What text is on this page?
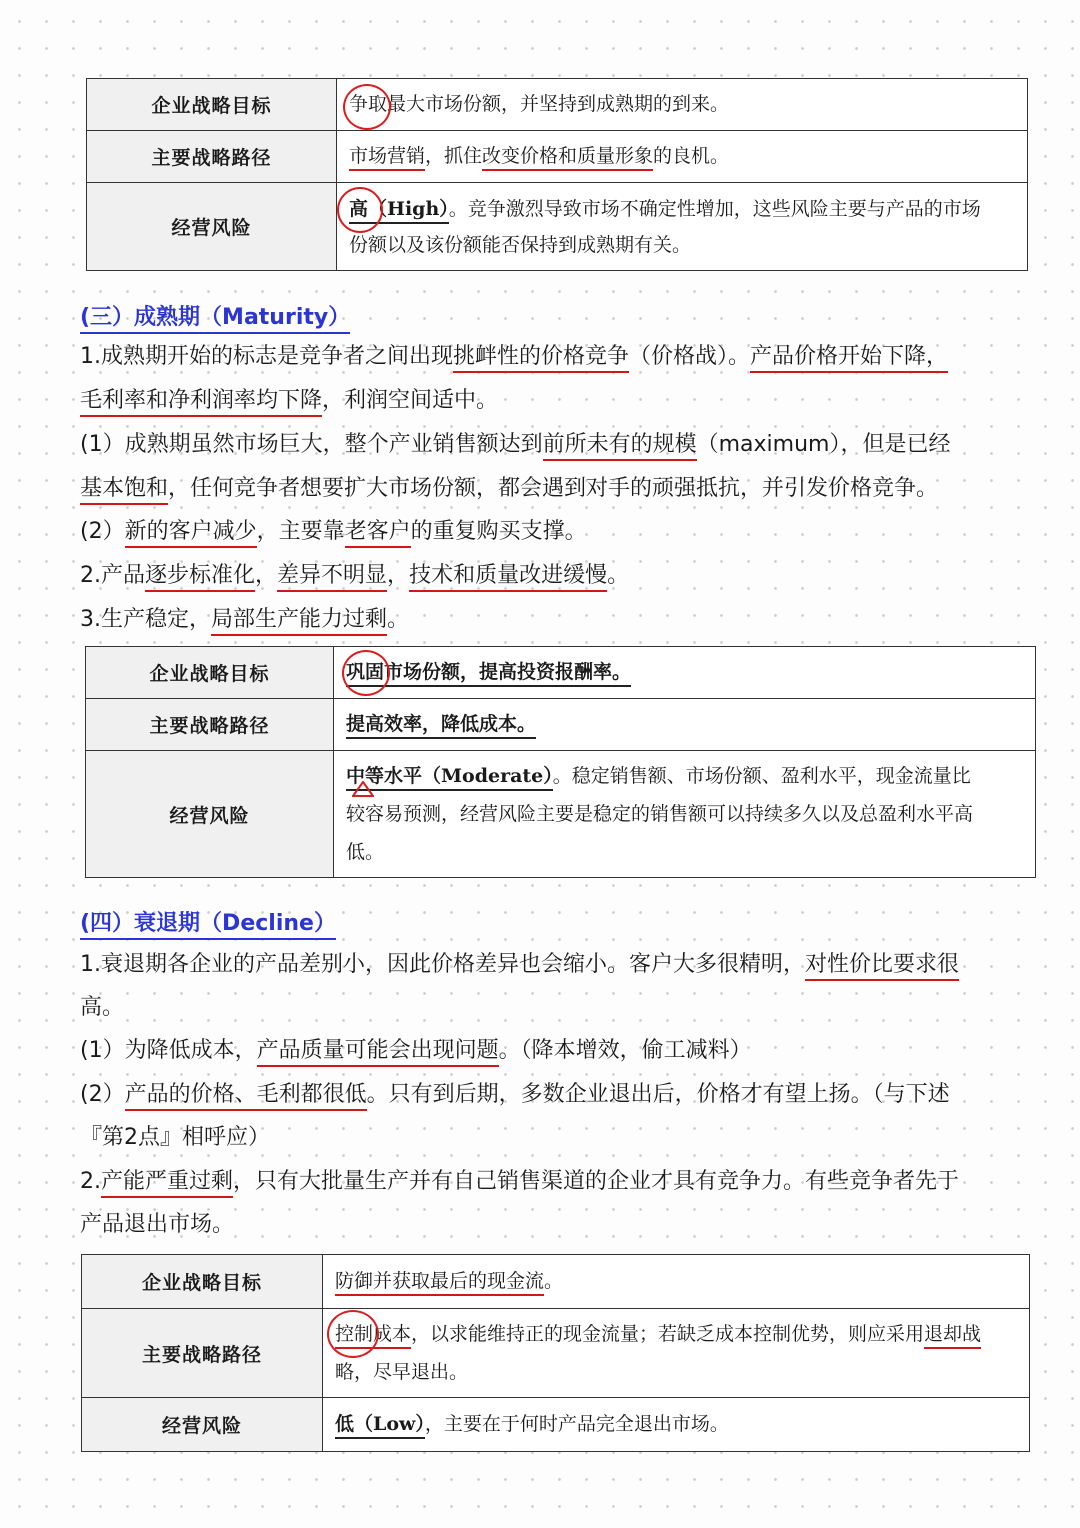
企业战略目标	争取最大市场份额，并坚持到成熟期的到来。
主要战略路径	市场营销，抓住改变价格和质量形象的良机。
经营风险	高（High）。竞争激烈导致市场不确定性增加，这些风险主要与产品的市场
份额以及该份额能否保持到成熟期有关。
(三）成熟期（Maturity）
1.成熟期开始的标志是竞争者之间出现挑衅性的价格竞争（价格战）。产品价格开始下降，
毛利率和净利润率均下降，利润空间适中。
(1）成熟期虽然市场巨大，整个产业销售额达到前所未有的规模（maximum），但是已经
基本饱和，任何竞争者想要扩大市场份额，都会遇到对手的顽强抵抗，并引发价格竞争。
(2）新的客户减少，主要靠老客户的重复购买支撑。
2.产品逐步标准化，差异不明显，技术和质量改进缓慢。
3.生产稳定，局部生产能力过剩。
企业战略目标	巩固市场份额，提高投资报酬率。
主要战略路径	提高效率，降低成本。
经营风险	中等水平（Moderate）。稳定销售额、市场份额、盈利水平，现金流量比
较容易预测，经营风险主要是稳定的销售额可以持续多久以及总盈利水平高
低。
(四）衰退期（Decline）
1.衰退期各企业的产品差别小，因此价格差异也会缩小。客户大多很精明，对性价比要求很
高。
(1）为降低成本，产品质量可能会出现问题。（降本增效，偷工减料）
(2）产品的价格、毛利都很低。只有到后期，多数企业退出后，价格才有望上扬。（与下述
『第2点』相呼应）
2.产能严重过剩，只有大批量生产并有自己销售渠道的企业才具有竞争力。有些竞争者先于
产品退出市场。
企业战略目标	防御并获取最后的现金流。
主要战略路径	控制成本，以求能维持正的现金流量；若缺乏成本控制优势，则应采用退却战
略，尽早退出。
经营风险	低（Low），主要在于何时产品完全退出市场。
